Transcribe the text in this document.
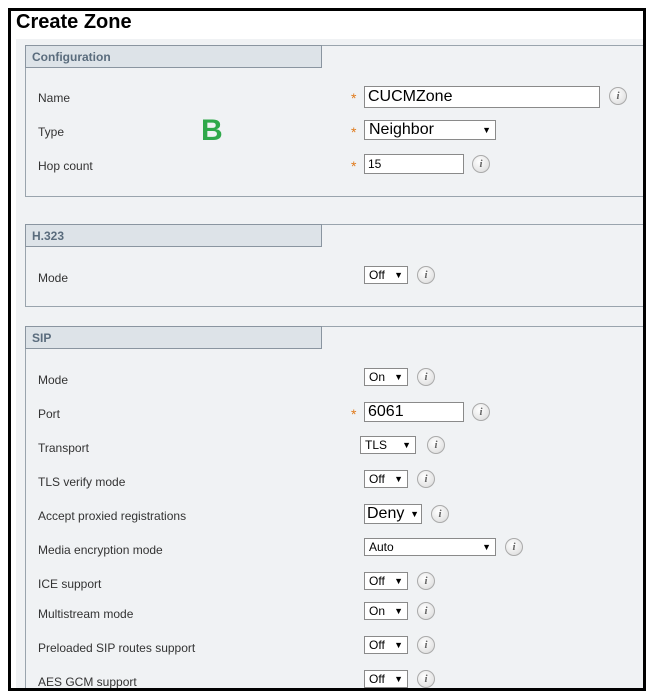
Create Zone
Configuration
Name	* CUCMZone	i
Type	* Neighbor	▼
Hop count	* 15	i
H.323
Mode	Off ▼	i
SIP
Mode	On ▼	i
Port	* 6061	i
Transport	TLS ▼	i
TLS verify mode	Off ▼	i
Accept proxied registrations	Deny ▼	i
Media encryption mode	Auto	▼	i
ICE support	Off ▼	i
Multistream mode	On ▼	i
Preloaded SIP routes support	Off ▼	i
AES GCM support	Off ▼	i
B
